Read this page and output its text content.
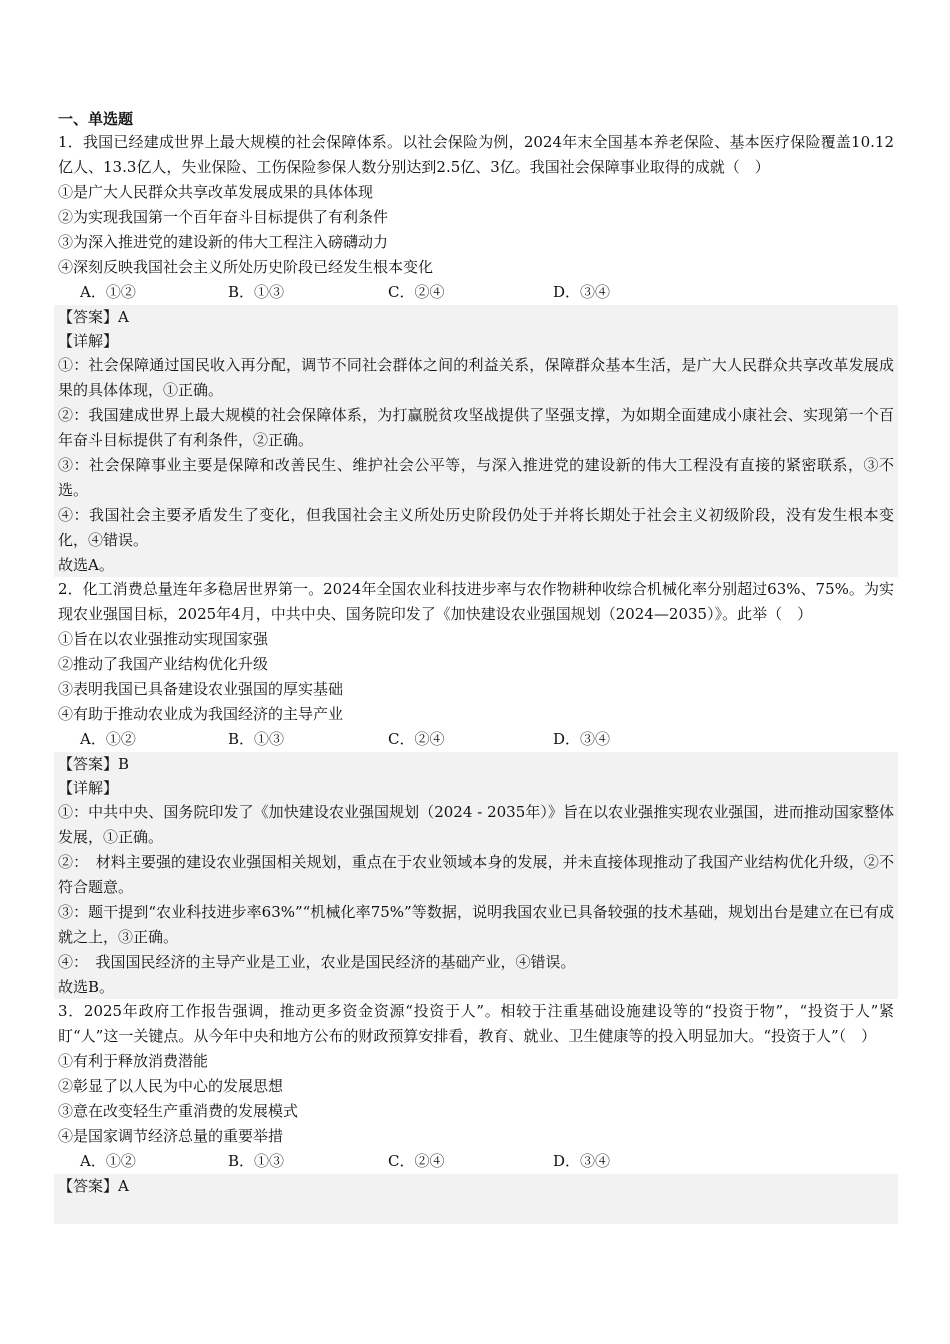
一、单选题
1．我国已经建成世界上最大规模的社会保障体系。以社会保险为例，2024年末全国基本养老保险、基本医疗保险覆盖10.12亿人、13.3亿人，失业保险、工伤保险参保人数分别达到2.5亿、3亿。我国社会保障事业取得的成就（　）
①是广大人民群众共享改革发展成果的具体体现
②为实现我国第一个百年奋斗目标提供了有利条件
③为深入推进党的建设新的伟大工程注入磅礴动力
④深刻反映我国社会主义所处历史阶段已经发生根本变化
A．①②	B．①③	C．②④	D．③④
【答案】A
【详解】
①：社会保障通过国民收入再分配，调节不同社会群体之间的利益关系，保障群众基本生活，是广大人民群众共享改革发展成果的具体体现，①正确。
②：我国建成世界上最大规模的社会保障体系，为打赢脱贫攻坚战提供了坚强支撑，为如期全面建成小康社会、实现第一个百年奋斗目标提供了有利条件，②正确。
③：社会保障事业主要是保障和改善民生、维护社会公平等，与深入推进党的建设新的伟大工程没有直接的紧密联系，③不选。
④：我国社会主要矛盾发生了变化，但我国社会主义所处历史阶段仍处于并将长期处于社会主义初级阶段，没有发生根本变化，④错误。
故选A。
2．化工消费总量连年多稳居世界第一。2024年全国农业科技进步率与农作物耕种收综合机械化率分别超过63%、75%。为实现农业强国目标，2025年4月，中共中央、国务院印发了《加快建设农业强国规划（2024—2035）》。此举（　）
①旨在以农业强推动实现国家强
②推动了我国产业结构优化升级
③表明我国已具备建设农业强国的厚实基础
④有助于推动农业成为我国经济的主导产业
A．①②	B．①③	C．②④	D．③④
【答案】B
【详解】
①：中共中央、国务院印发了《加快建设农业强国规划（2024 - 2035年）》旨在以农业强推实现农业强国，进而推动国家整体发展，①正确。
②：　材料主要强的建设农业强国相关规划，重点在于农业领域本身的发展，并未直接体现推动了我国产业结构优化升级，②不符合题意。
③：题干提到“农业科技进步率63%”“机械化率75%”等数据，说明我国农业已具备较强的技术基础，规划出台是建立在已有成就之上，③正确。
④：　我国国民经济的主导产业是工业，农业是国民经济的基础产业，④错误。
故选B。
3．2025年政府工作报告强调，推动更多资金资源“投资于人”。相较于注重基础设施建设等的“投资于物”，“投资于人”紧盯“人”这一关键点。从今年中央和地方公布的财政预算安排看，教育、就业、卫生健康等的投入明显加大。“投资于人”（　）
①有利于释放消费潜能
②彰显了以人民为中心的发展思想
③意在改变轻生产重消费的发展模式
④是国家调节经济总量的重要举措
A．①②	B．①③	C．②④	D．③④
【答案】A
